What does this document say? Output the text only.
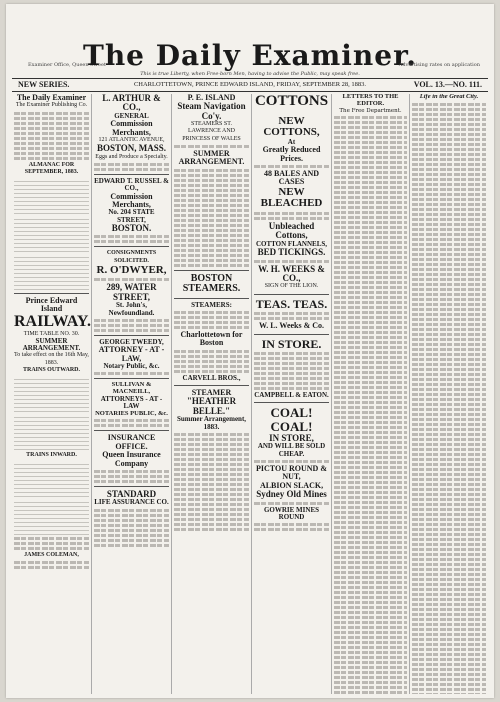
Examiner Office, Queen Street
The Daily Examiner.
Advertising rates on application
This is true Liberty, when Free-born Men, having to advise the Public, may speak free.
NEW SERIES.	CHARLOTTETOWN, PRINCE EDWARD ISLAND, FRIDAY, SEPTEMBER 28, 1883.	VOL. 13.—NO. 111.
The Daily Examiner
The Examiner Publishing Co.
ALMANAC FOR SEPTEMBER, 1883.
Prince Edward Island
RAILWAY.
TIME TABLE NO. 30.
SUMMER ARRANGEMENT.
To take effect on the 16th May, 1883.
TRAINS OUTWARD.
TRAINS INWARD.
JAMES COLEMAN,
L. ARTHUR & CO.,
GENERAL
Commission Merchants,
121 ATLANTIC AVENUE,
BOSTON, MASS.
Eggs and Produce a Specialty.
EDWARD T. RUSSEL & CO.,
Commission Merchants,
No. 204 STATE STREET,
BOSTON.
CONSIGNMENTS SOLICITED.
R. O'DWYER,
289, WATER STREET,
St. John's, Newfoundland.
GEORGE TWEEDY,
ATTORNEY - AT - LAW,
Notary Public, &c.
SULLIVAN & MACNEILL,
ATTORNEYS - AT - LAW
NOTARIES PUBLIC, &c.
INSURANCE OFFICE.
Queen Insurance
Company
STANDARD
LIFE ASSURANCE CO.
P. E. ISLAND
Steam Navigation Co'y.
STEAMERS ST. LAWRENCE AND
PRINCESS OF WALES
SUMMER ARRANGEMENT.
BOSTON STEAMERS.
STEAMERS:
Charlottetown for Boston
CARVELL BROS.,
STEAMER
"HEATHER BELLE."
Summer Arrangement, 1883.
COTTONS
NEW COTTONS,
At
Greatly Reduced Prices.
48 BALES AND CASES
NEW BLEACHED
Unbleached Cottons,
COTTON FLANNELS,
BED TICKINGS.
W. H. WEEKS & CO.,
SIGN OF THE LION.
TEAS. TEAS.
W. L. Weeks & Co.
IN STORE.
CAMPBELL & EATON.
COAL! COAL!
IN STORE,
AND WILL BE SOLD CHEAP.
PICTOU ROUND & NUT,
ALBION SLACK,
Sydney Old Mines
GOWRIE MINES ROUND
LETTERS TO THE EDITOR.
The Free Department.
Life in the Great City.
